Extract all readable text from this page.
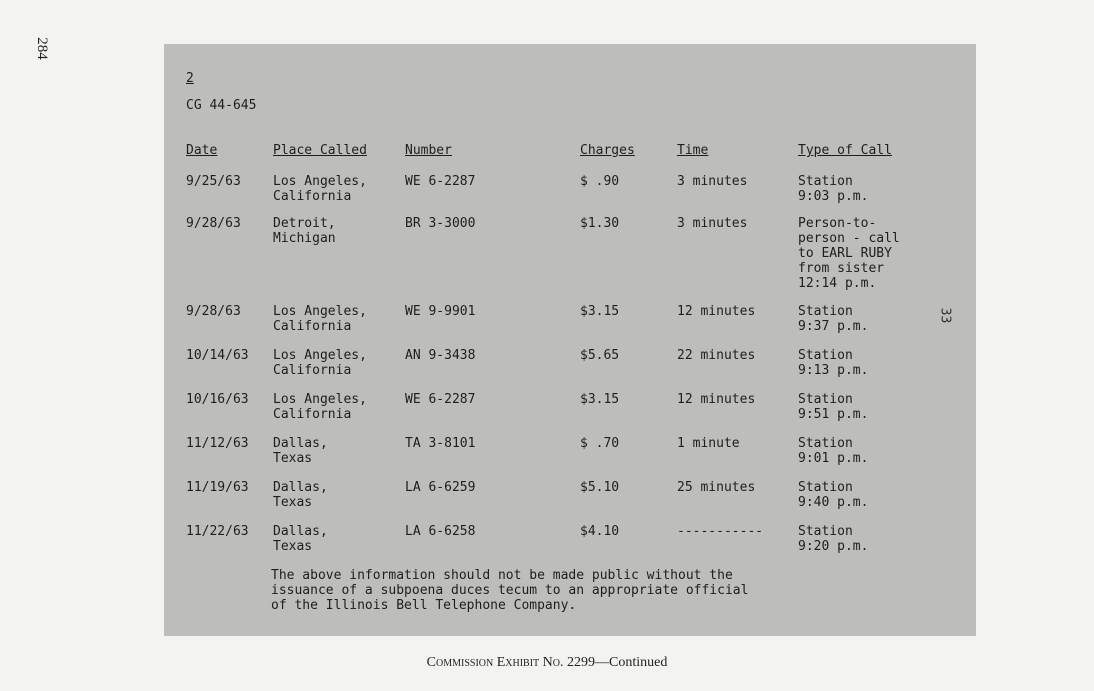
284
2
CG 44-645
Date	Place Called	Number	Charges	Time	Type of Call
9/25/63 Los Angeles,
California
WE 6-2287	$ .90	3 minutes	Station
9:03 p.m.
9/28/63 Detroit,
Michigan
BR 3-3000	$1.30	3 minutes	Person-to-
person - call
to EARL RUBY
from sister
12:14 p.m.
9/28/63 Los Angeles,
California
WE 9-9901	$3.15	12 minutes	Station
9:37 p.m.
10/14/63 Los Angeles,
California
AN 9-3438	$5.65	22 minutes	Station
9:13 p.m.
10/16/63 Los Angeles,
California
WE 6-2287	$3.15	12 minutes	Station
9:51 p.m.
11/12/63 Dallas,
Texas
TA 3-8101	$ .70	1 minute	Station
9:01 p.m.
11/19/63 Dallas,
Texas
LA 6-6259	$5.10	25 minutes	Station
9:40 p.m.
11/22/63 Dallas,
Texas
LA 6-6258	$4.10	-----------	Station
9:20 p.m.
The above information should not be made public without the
issuance of a subpoena duces tecum to an appropriate official
of the Illinois Bell Telephone Company.
33
Commission Exhibit No. 2299—Continued
